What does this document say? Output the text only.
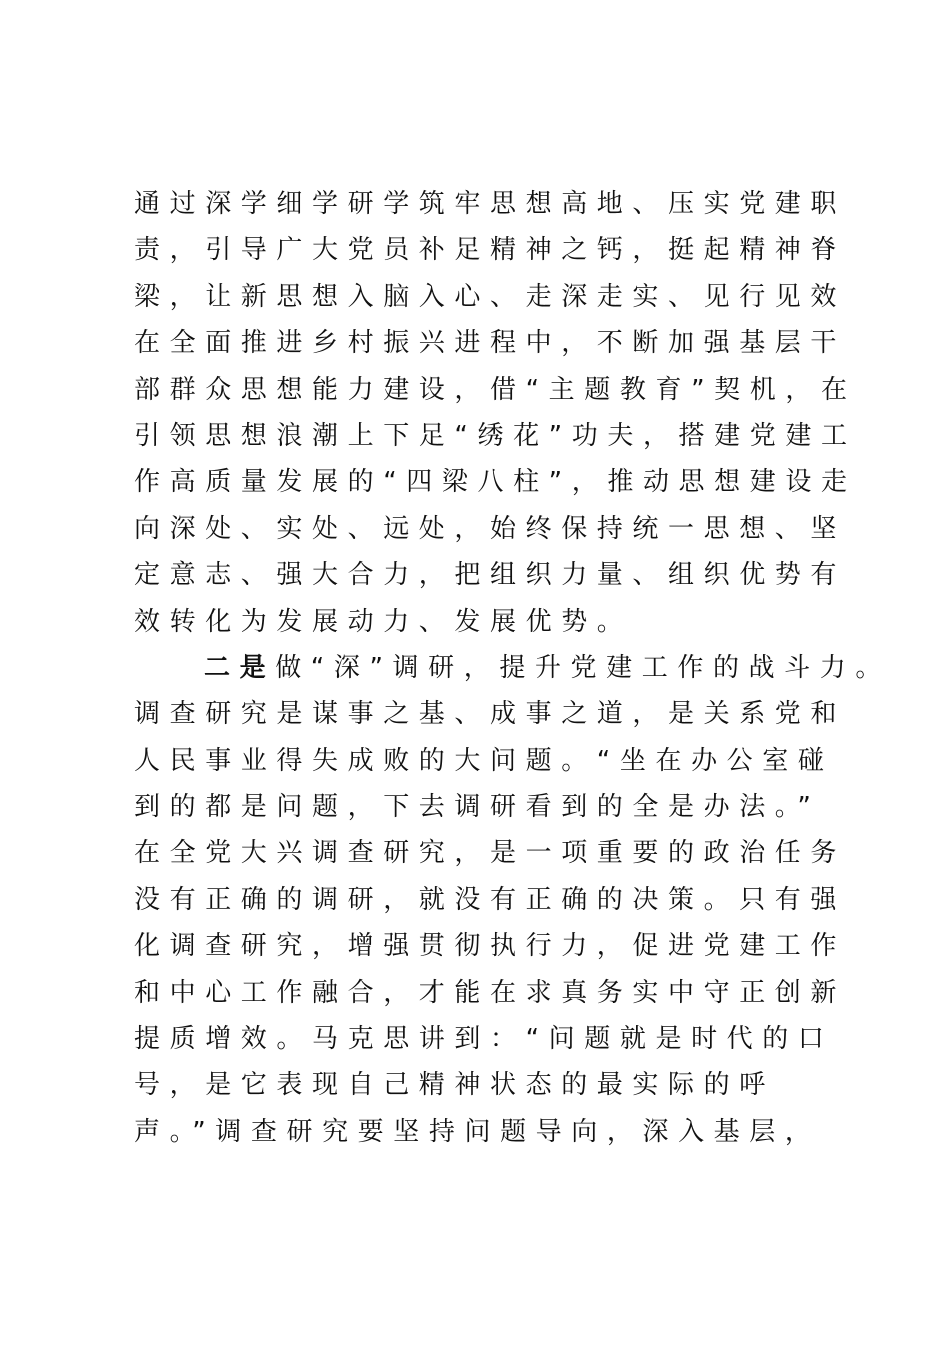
通过深学细学研学筑牢思想高地、压实党建职
责，引导广大党员补足精神之钙，挺起精神脊
梁，让新思想入脑入心、走深走实、见行见效
在全面推进乡村振兴进程中，不断加强基层干
部群众思想能力建设，借“主题教育”契机，在
引领思想浪潮上下足“绣花”功夫，搭建党建工
作高质量发展的“四梁八柱”，推动思想建设走
向深处、实处、远处，始终保持统一思想、坚
定意志、强大合力，把组织力量、组织优势有
效转化为发展动力、发展优势。
二是做“深”调研，提升党建工作的战斗力。
调查研究是谋事之基、成事之道，是关系党和
人民事业得失成败的大问题。“坐在办公室碰
到的都是问题，下去调研看到的全是办法。”
在全党大兴调查研究，是一项重要的政治任务
没有正确的调研，就没有正确的决策。只有强
化调查研究，增强贯彻执行力，促进党建工作
和中心工作融合，才能在求真务实中守正创新
提质增效。马克思讲到：“问题就是时代的口
号，是它表现自己精神状态的最实际的呼
声。”调查研究要坚持问题导向，深入基层，
